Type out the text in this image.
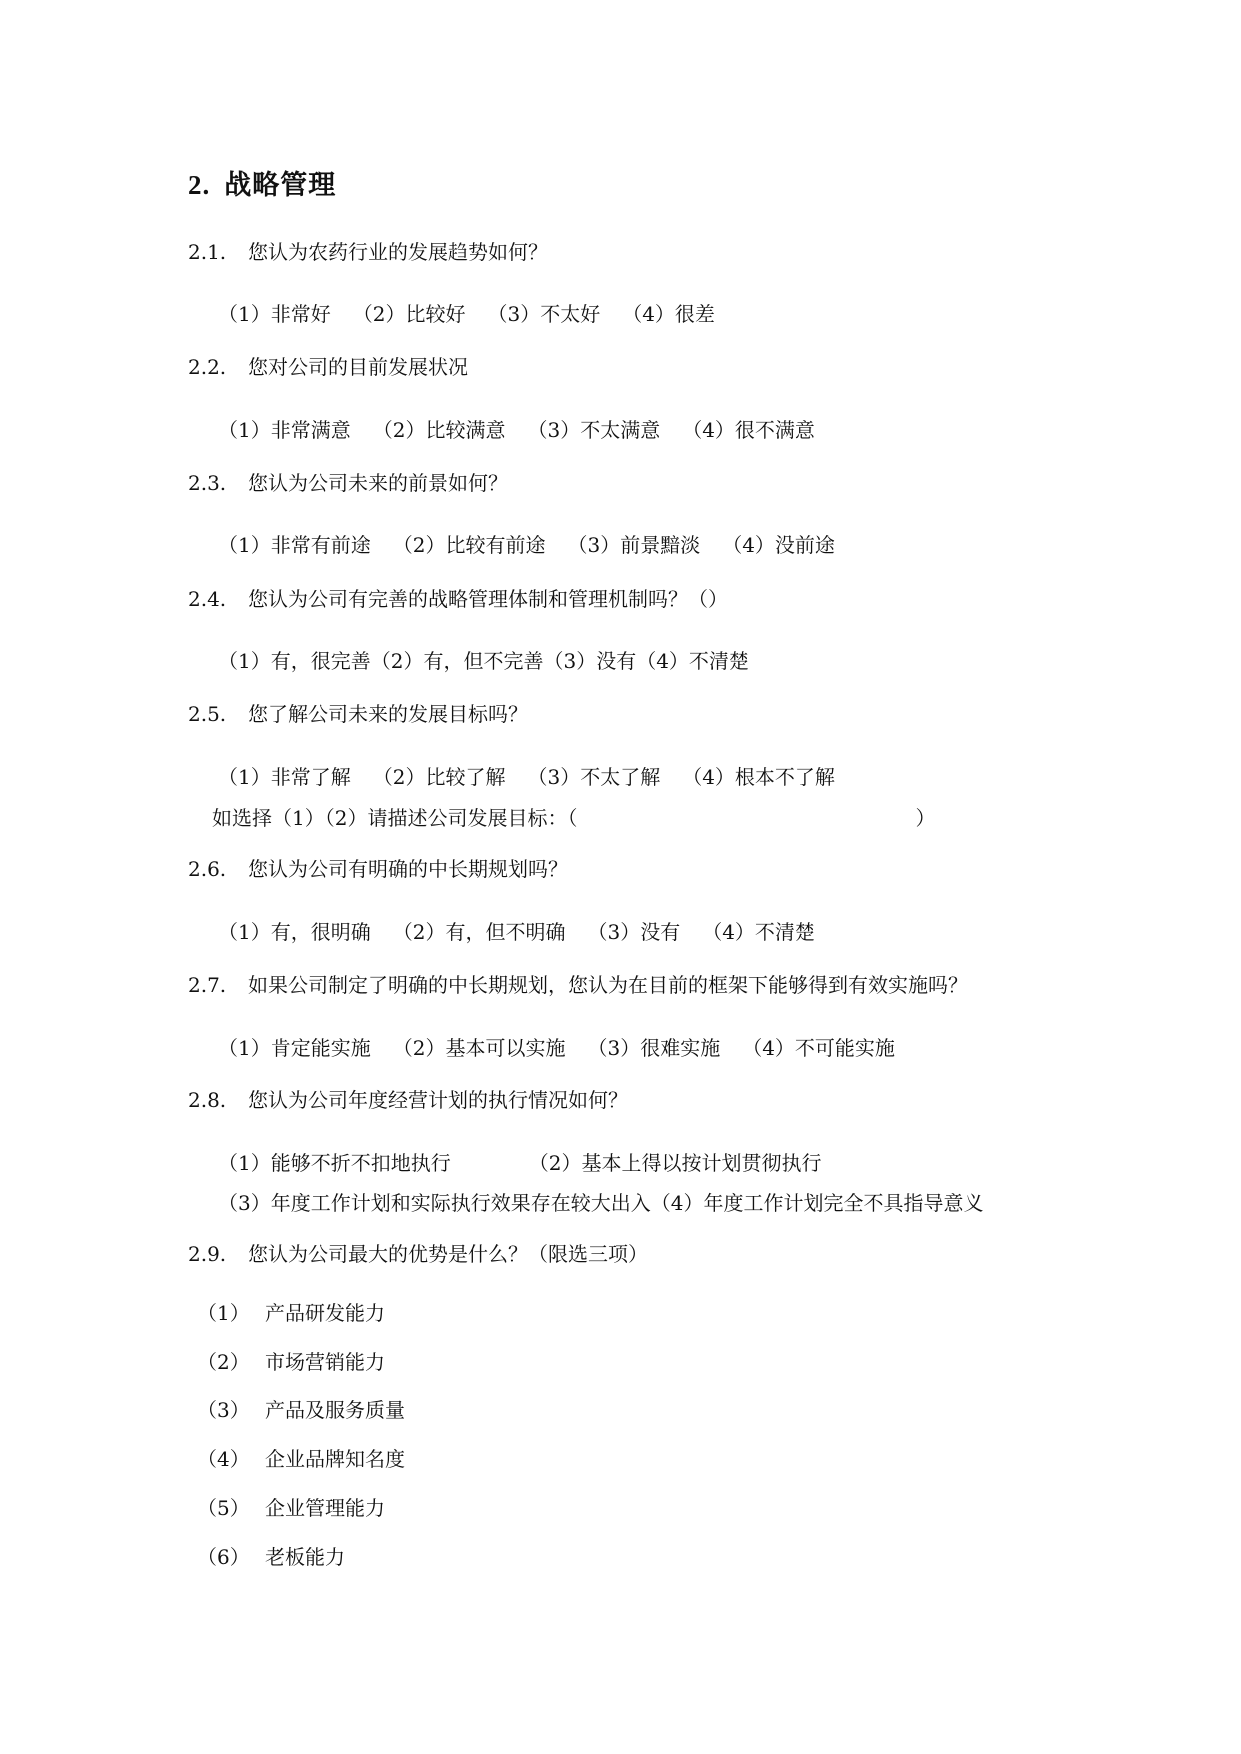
2. 战略管理
2.1. 您认为农药行业的发展趋势如何？
（1）非常好 （2）比较好 （3）不太好 （4）很差
2.2. 您对公司的目前发展状况
（1）非常满意 （2）比较满意 （3）不太满意 （4）很不满意
2.3. 您认为公司未来的前景如何？
（1）非常有前途 （2）比较有前途 （3）前景黯淡 （4）没前途
2.4. 您认为公司有完善的战略管理体制和管理机制吗？（）
（1）有，很完善（2）有，但不完善（3）没有（4）不清楚
2.5. 您了解公司未来的发展目标吗？
（1）非常了解 （2）比较了解 （3）不太了解 （4）根本不了解
如选择（1）（2）请描述公司发展目标：（	）
2.6. 您认为公司有明确的中长期规划吗？
（1）有，很明确 （2）有，但不明确 （3）没有 （4）不清楚
2.7. 如果公司制定了明确的中长期规划，您认为在目前的框架下能够得到有效实施吗？
（1）肯定能实施 （2）基本可以实施 （3）很难实施 （4）不可能实施
2.8. 您认为公司年度经营计划的执行情况如何？
（1）能够不折不扣地执行	（2）基本上得以按计划贯彻执行
（3）年度工作计划和实际执行效果存在较大出入（4）年度工作计划完全不具指导意义
2.9. 您认为公司最大的优势是什么？（限选三项）
（1） 产品研发能力
（2） 市场营销能力
（3） 产品及服务质量
（4） 企业品牌知名度
（5） 企业管理能力
（6） 老板能力
